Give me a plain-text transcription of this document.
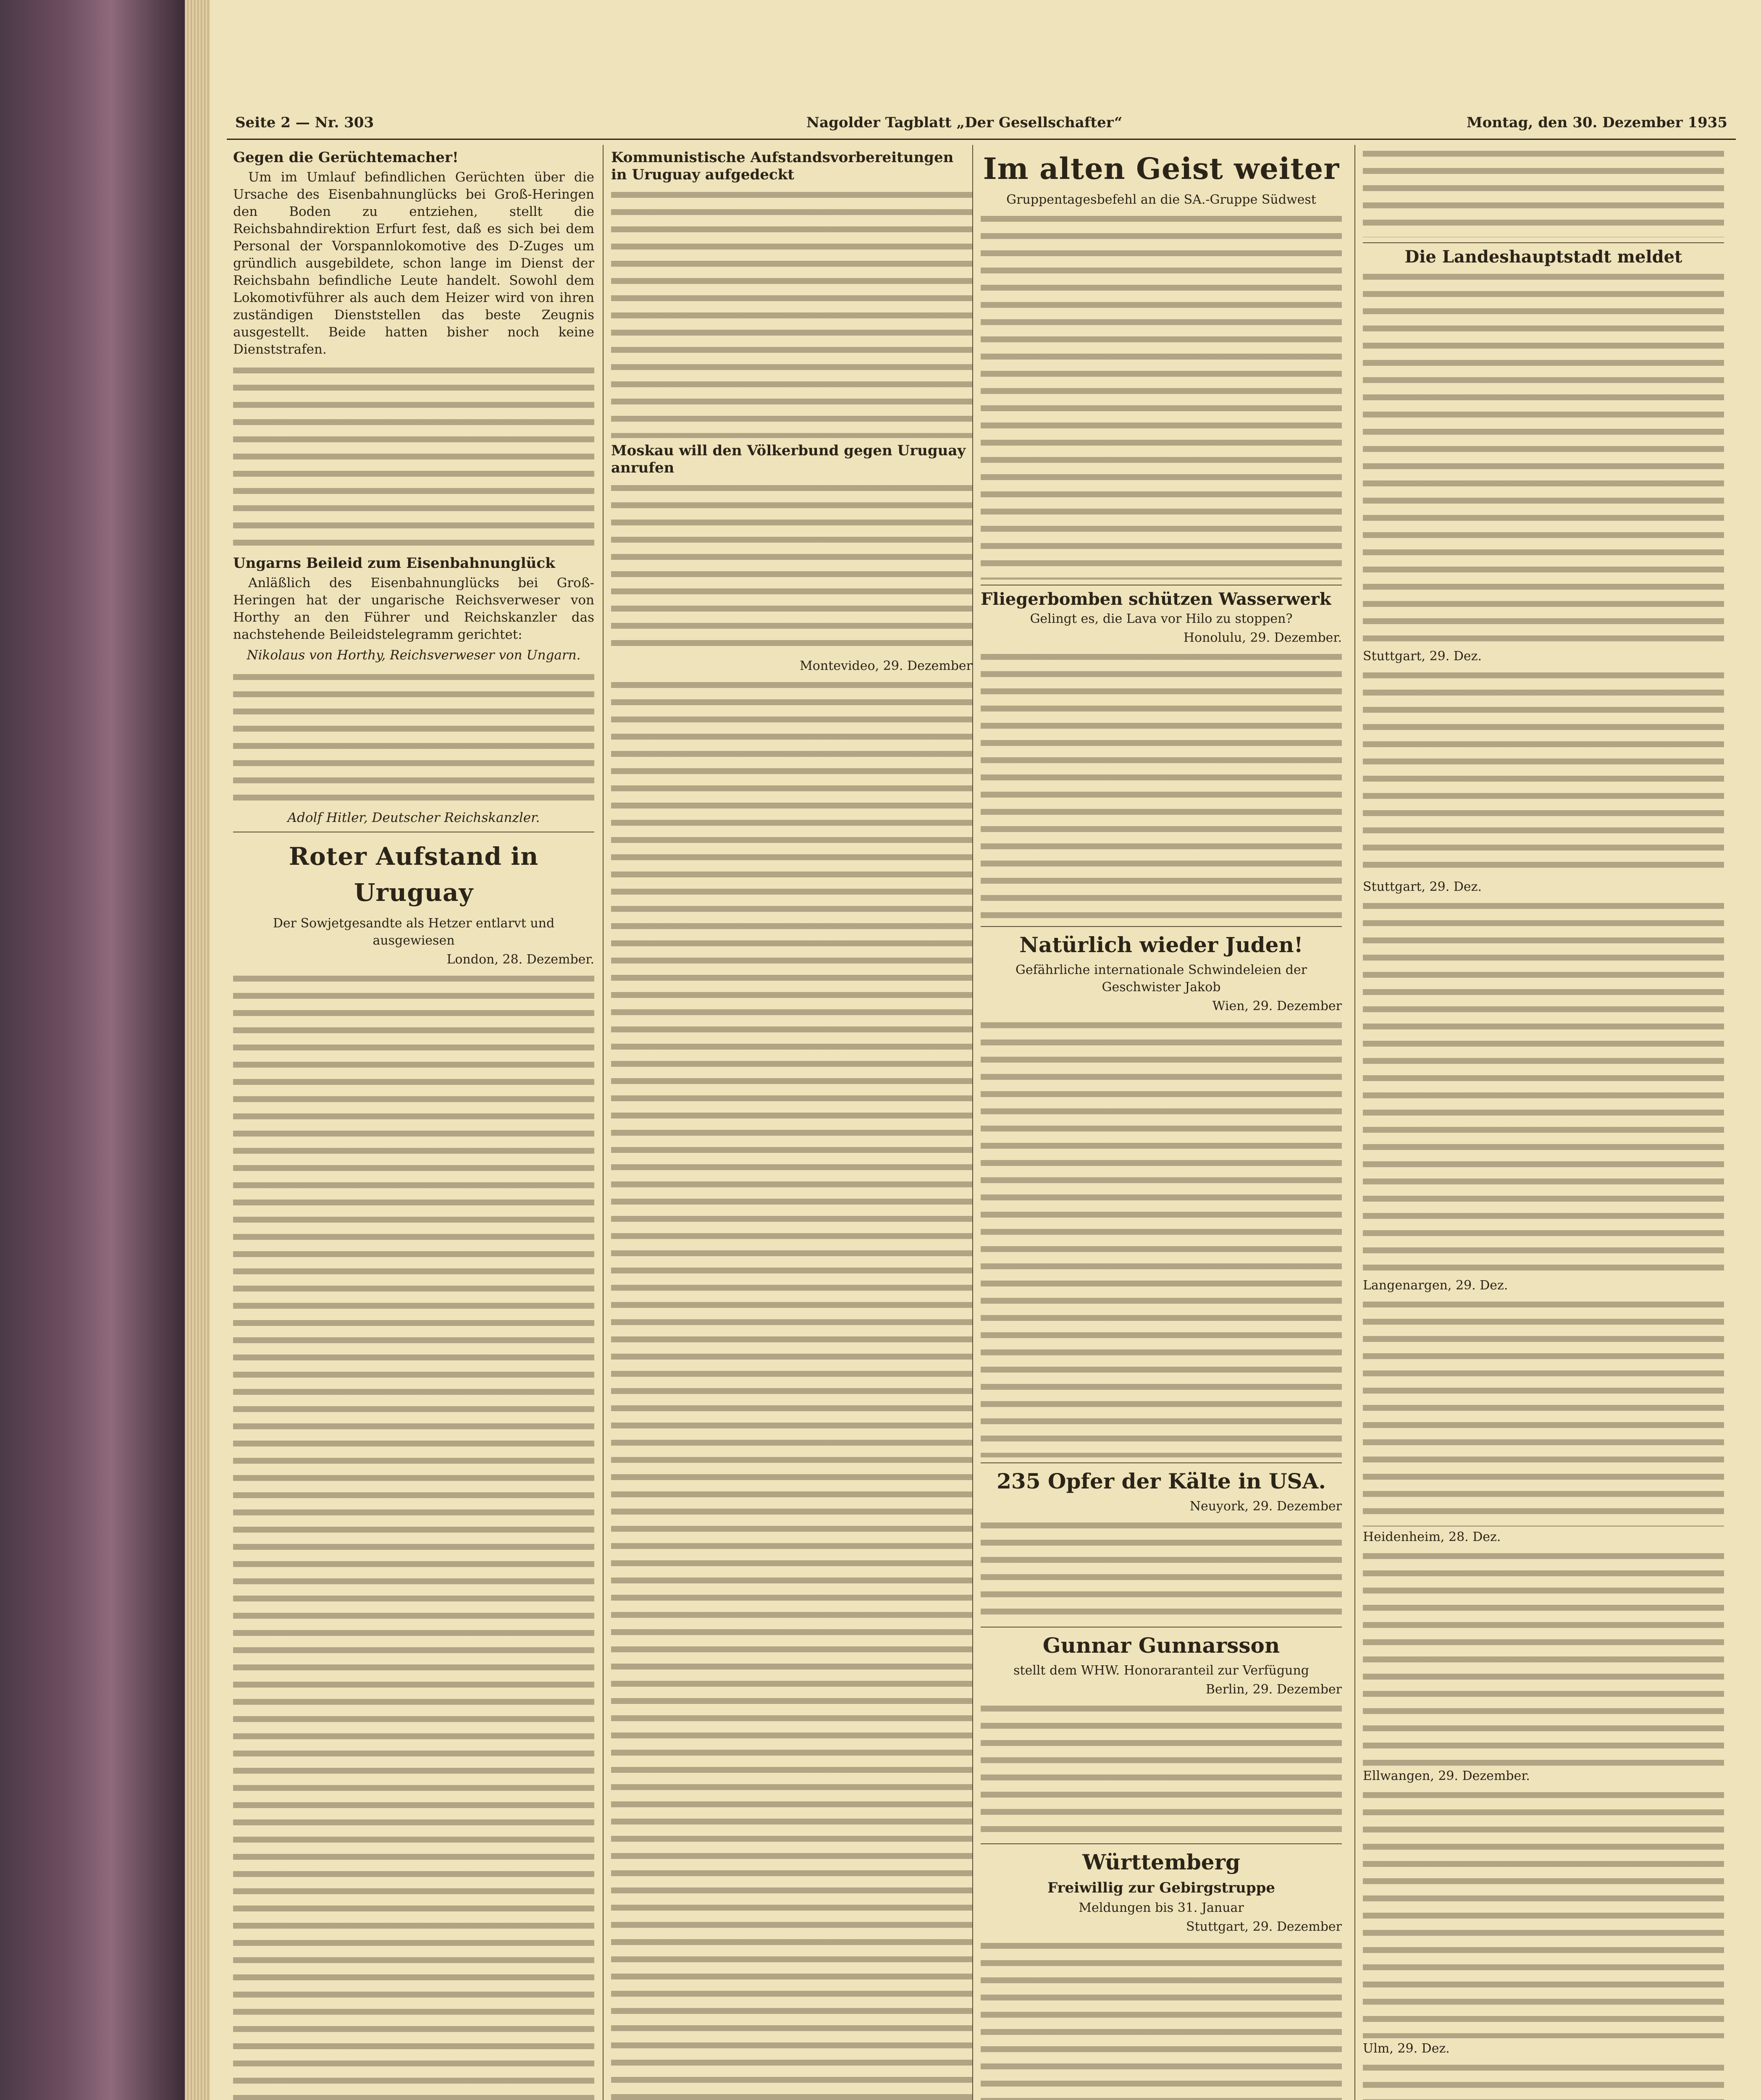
Seite 2 — Nr. 303	Nagolder Tagblatt „Der Gesellschafter“	Montag, den 30. Dezember 1935
Gegen die Gerüchtemacher!
Um im Umlauf befindlichen Gerüchten über die Ursache des Eisenbahnunglücks bei Groß-Heringen den Boden zu entziehen, stellt die Reichsbahndirektion Erfurt fest, daß es sich bei dem Personal der Vorspannlokomotive des D-Zuges um gründlich ausgebildete, schon lange im Dienst der Reichsbahn befindliche Leute handelt. Sowohl dem Lokomotivführer als auch dem Heizer wird von ihren zuständigen Dienststellen das beste Zeugnis ausgestellt. Beide hatten bisher noch keine Dienststrafen.
Ungarns Beileid zum Eisenbahnunglück
Anläßlich des Eisenbahnunglücks bei Groß-Heringen hat der ungarische Reichsverweser von Horthy an den Führer und Reichskanzler das nachstehende Beileidstelegramm gerichtet:
Nikolaus von Horthy, Reichsverweser von Ungarn.
Adolf Hitler, Deutscher Reichskanzler.
Roter Aufstand in Uruguay
Der Sowjetgesandte als Hetzer entlarvt und ausgewiesen
London, 28. Dezember.
Kommunistische Aufstandsvorbereitungen in Uruguay aufgedeckt
Moskau will den Völkerbund gegen Uruguay anrufen
Montevideo, 29. Dezember
Im alten Geist weiter
Gruppentagesbefehl an die SA.-Gruppe Südwest
Fliegerbomben schützen Wasserwerk
Gelingt es, die Lava vor Hilo zu stoppen?
Honolulu, 29. Dezember.
Natürlich wieder Juden!
Gefährliche internationale Schwindeleien der Geschwister Jakob
Wien, 29. Dezember
235 Opfer der Kälte in USA.
Neuyork, 29. Dezember
Gunnar Gunnarsson
stellt dem WHW. Honoraranteil zur Verfügung
Berlin, 29. Dezember
Württemberg
Freiwillig zur Gebirgstruppe
Meldungen bis 31. Januar
Stuttgart, 29. Dezember
Die Landeshauptstadt meldet
Stuttgart, 29. Dez.
Stuttgart, 29. Dez.
Langenargen, 29. Dez.
Heidenheim, 28. Dez.
Ellwangen, 29. Dezember.
Ulm, 29. Dez.
